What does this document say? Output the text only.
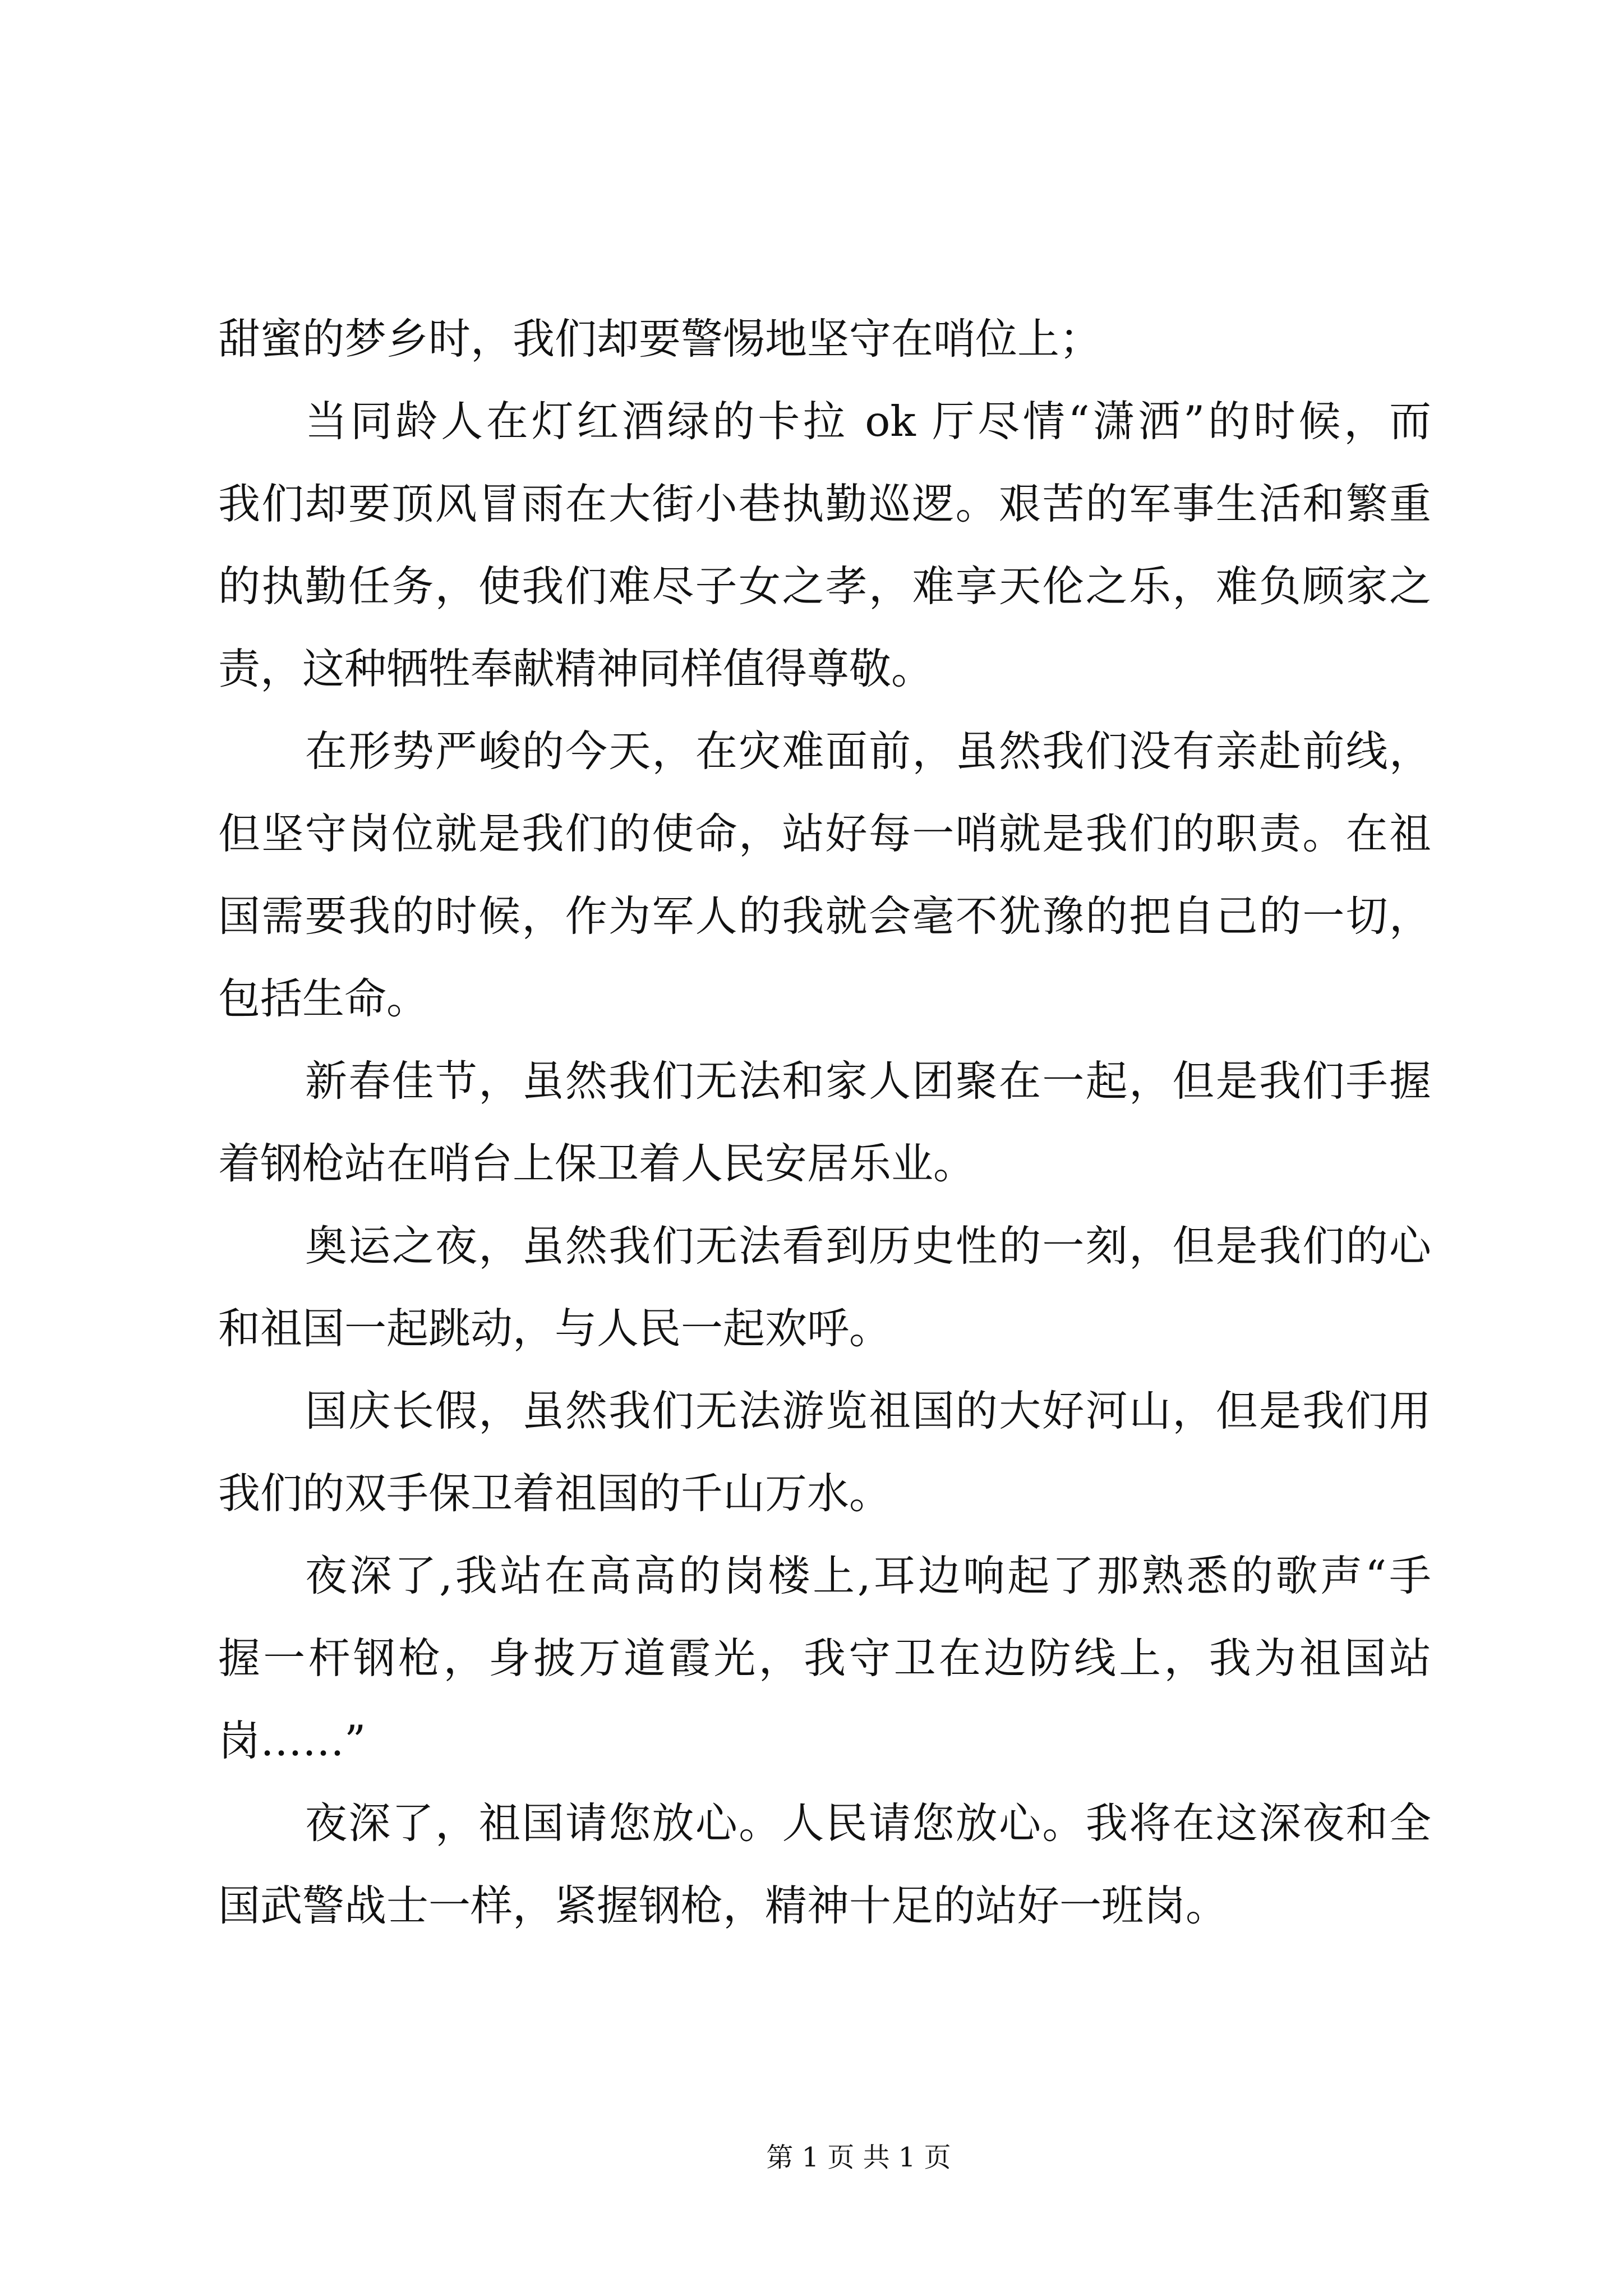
甜蜜的梦乡时，我们却要警惕地坚守在哨位上；
当同龄人在灯红酒绿的卡拉 ok 厅尽情“潇洒”的时候，而
我们却要顶风冒雨在大街小巷执勤巡逻。艰苦的军事生活和繁重
的执勤任务，使我们难尽子女之孝，难享天伦之乐，难负顾家之
责，这种牺牲奉献精神同样值得尊敬。
在形势严峻的今天，在灾难面前，虽然我们没有亲赴前线，
但坚守岗位就是我们的使命，站好每一哨就是我们的职责。在祖
国需要我的时候，作为军人的我就会毫不犹豫的把自己的一切，
包括生命。
新春佳节，虽然我们无法和家人团聚在一起，但是我们手握
着钢枪站在哨台上保卫着人民安居乐业。
奥运之夜，虽然我们无法看到历史性的一刻，但是我们的心
和祖国一起跳动，与人民一起欢呼。
国庆长假，虽然我们无法游览祖国的大好河山，但是我们用
我们的双手保卫着祖国的千山万水。
夜深了,我站在高高的岗楼上,耳边响起了那熟悉的歌声“手
握一杆钢枪，身披万道霞光，我守卫在边防线上，我为祖国站
岗……”
夜深了，祖国请您放心。人民请您放心。我将在这深夜和全
国武警战士一样，紧握钢枪，精神十足的站好一班岗。
第 1 页 共 1 页
